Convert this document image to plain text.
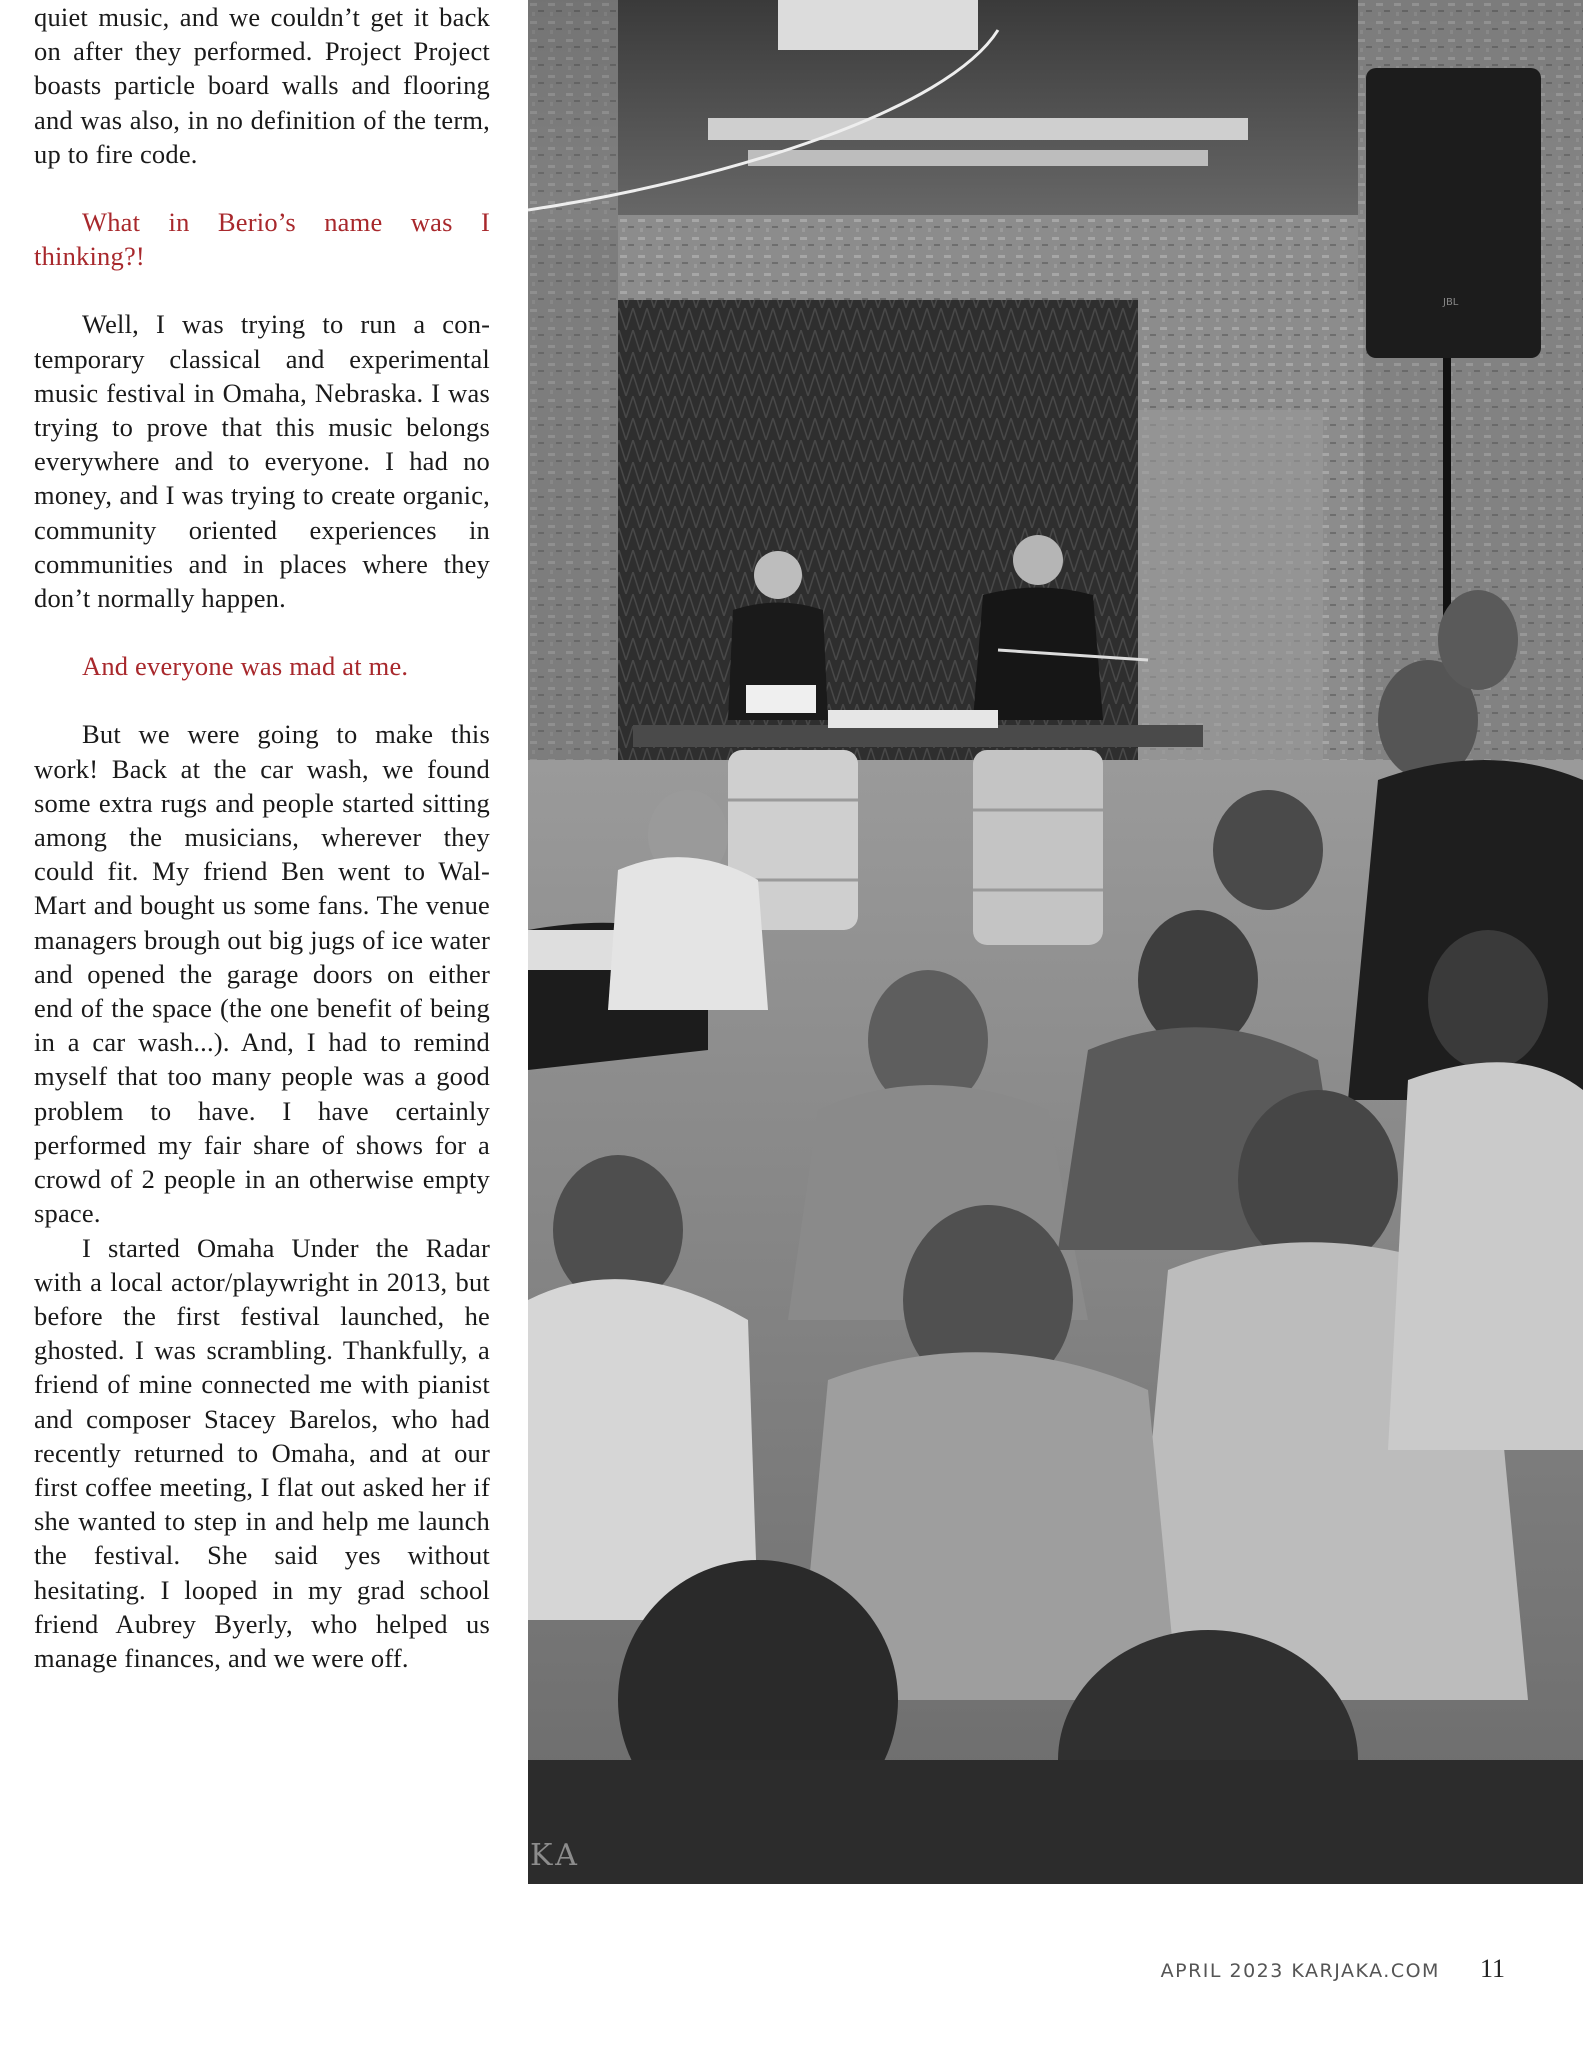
quiet music, and we couldn’t get it back on after they performed. Project Project boasts particle board walls and flooring and was also, in no definition of the term, up to fire code.

What in Berio’s name was I thinking?!

Well, I was trying to run a contemporary classical and experimental music festival in Omaha, Nebraska. I was trying to prove that this music belongs everywhere and to everyone. I had no money, and I was trying to create organic, community oriented experiences in communities and in places where they don’t normally happen.

And everyone was mad at me.

But we were going to make this work! Back at the car wash, we found some extra rugs and people started sitting among the musicians, wherever they could fit. My friend Ben went to Wal-Mart and bought us some fans. The venue managers brough out big jugs of ice water and opened the garage doors on either end of the space (the one benefit of being in a car wash...). And, I had to remind myself that too many people was a good problem to have. I have certainly performed my fair share of shows for a crowd of 2 people in an otherwise empty space.

I started Omaha Under the Radar with a local actor/playwright in 2013, but before the first festival launched, he ghosted. I was scrambling. Thankfully, a friend of mine connected me with pianist and composer Stacey Barelos, who had recently returned to Omaha, and at our first coffee meeting, I flat out asked her if she wanted to step in and help me launch the festival. She said yes without hesitating. I looped in my grad school friend Aubrey Byerly, who helped us manage finances, and we were off.

JBL
KA
APRIL 2023 KARJAKA.COM 11
